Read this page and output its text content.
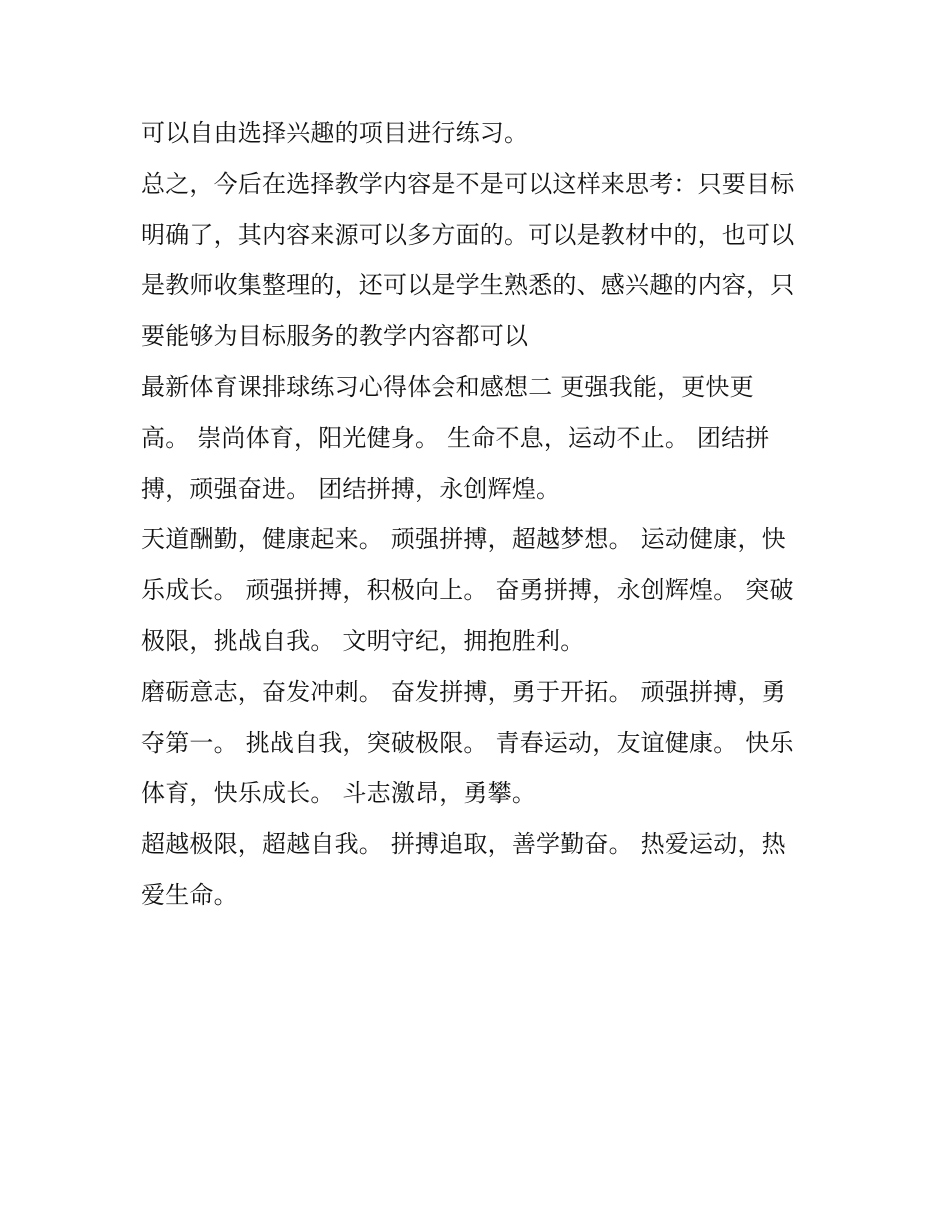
可以自由选择兴趣的项目进行练习。

总之，今后在选择教学内容是不是可以这样来思考：只要目标
明确了，其内容来源可以多方面的。可以是教材中的，也可以
是教师收集整理的，还可以是学生熟悉的、感兴趣的内容，只
要能够为目标服务的教学内容都可以

最新体育课排球练习心得体会和感想二 更强我能，更快更
高。 崇尚体育，阳光健身。 生命不息，运动不止。 团结拼
搏，顽强奋进。 团结拼搏，永创辉煌。

天道酬勤，健康起来。 顽强拼搏，超越梦想。 运动健康，快
乐成长。 顽强拼搏，积极向上。 奋勇拼搏，永创辉煌。 突破
极限，挑战自我。 文明守纪，拥抱胜利。

磨砺意志，奋发冲刺。 奋发拼搏，勇于开拓。 顽强拼搏，勇
夺第一。 挑战自我，突破极限。 青春运动，友谊健康。 快乐
体育，快乐成长。 斗志激昂，勇攀。

超越极限，超越自我。 拼搏追取，善学勤奋。 热爱运动，热
爱生命。
